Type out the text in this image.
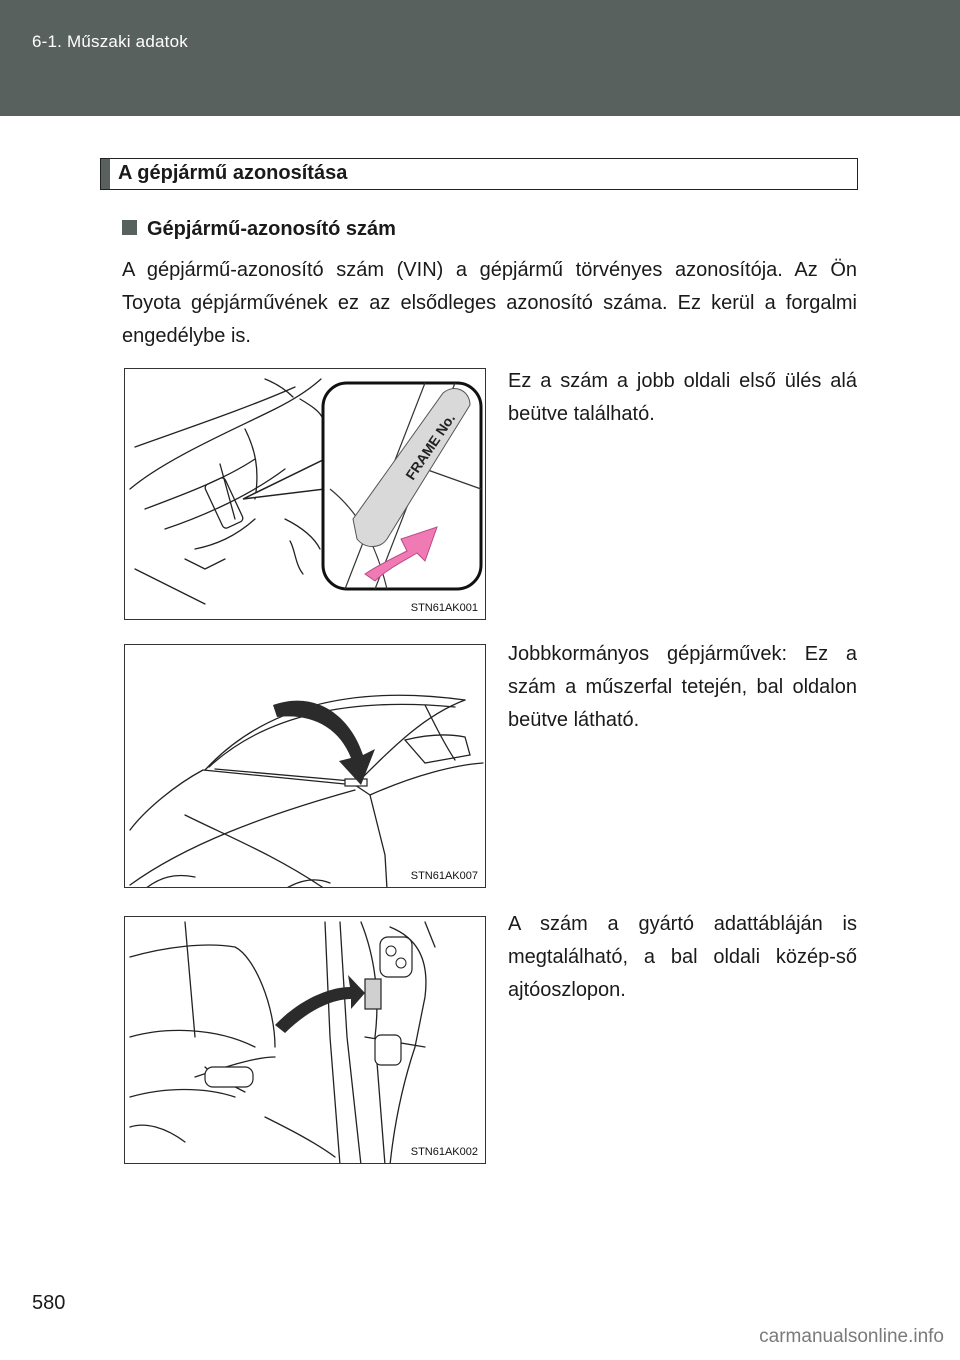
6-1. Műszaki adatok
A gépjármű azonosítása
Gépjármű-azonosító szám
A gépjármű-azonosító szám (VIN) a gépjármű törvényes azonosítója. Az Ön Toyota gépjárművének ez az elsődleges azonosító száma. Ez kerül a forgalmi engedélybe is.
FRAME No.
STN61AK001
Ez a szám a jobb oldali első ülés alá beütve található.
STN61AK007
Jobbkormányos gépjárművek: Ez a szám a műszerfal tetején, bal oldalon beütve látható.
STN61AK002
A szám a gyártó adattábláján is megtalálható, a bal oldali közép-ső ajtóoszlopon.
580
carmanualsonline.info
